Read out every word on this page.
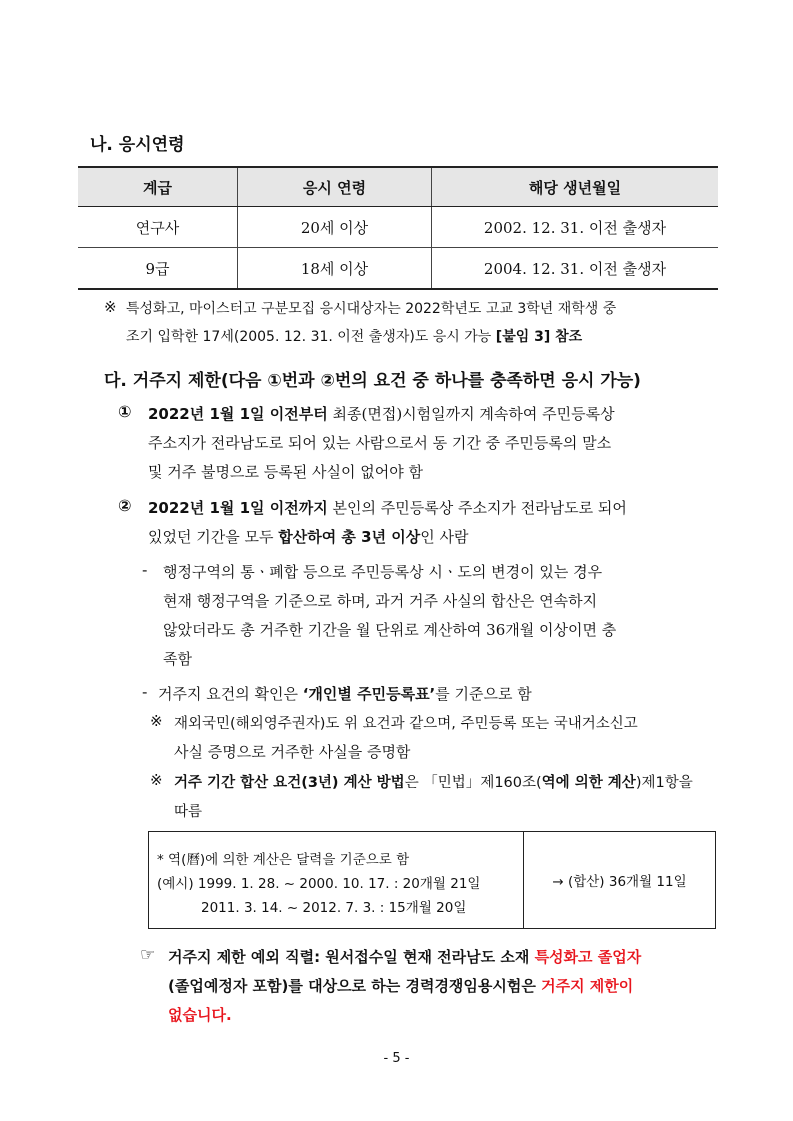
나. 응시연령
계급	응시 연령	해당 생년월일
연구사	20세 이상	2002. 12. 31. 이전 출생자
9급	18세 이상	2004. 12. 31. 이전 출생자
※ 특성화고, 마이스터고 구분모집 응시대상자는 2022학년도 고교 3학년 재학생 중
조기 입학한 17세(2005. 12. 31. 이전 출생자)도 응시 가능 [붙임 3] 참조
다. 거주지 제한(다음 ①번과 ②번의 요건 중 하나를 충족하면 응시 가능)
① 2022년 1월 1일 이전부터 최종(면접)시험일까지 계속하여 주민등록상
주소지가 전라남도로 되어 있는 사람으로서 동 기간 중 주민등록의 말소
및 거주 불명으로 등록된 사실이 없어야 함
② 2022년 1월 1일 이전까지 본인의 주민등록상 주소지가 전라남도로 되어
있었던 기간을 모두 합산하여 총 3년 이상인 사람
- 행정구역의 통ㆍ폐합 등으로 주민등록상 시ㆍ도의 변경이 있는 경우
현재 행정구역을 기준으로 하며, 과거 거주 사실의 합산은 연속하지
않았더라도 총 거주한 기간을 월 단위로 계산하여 36개월 이상이면 충
족함
- 거주지 요건의 확인은 ‘개인별 주민등록표’를 기준으로 함
※ 재외국민(해외영주권자)도 위 요건과 같으며, 주민등록 또는 국내거소신고
사실 증명으로 거주한 사실을 증명함
※ 거주 기간 합산 요건(3년) 계산 방법은 「민법」제160조(역에 의한 계산)제1항을
따름
* 역(曆)에 의한 계산은 달력을 기준으로 함
(예시) 1999. 1. 28. ~ 2000. 10. 17. : 20개월 21일
2011. 3. 14. ~ 2012. 7. 3. : 15개월 20일
→ (합산) 36개월 11일
☞ 거주지 제한 예외 직렬: 원서접수일 현재 전라남도 소재 특성화고 졸업자
(졸업예정자 포함)를 대상으로 하는 경력경쟁임용시험은 거주지 제한이
없습니다.
- 5 -
